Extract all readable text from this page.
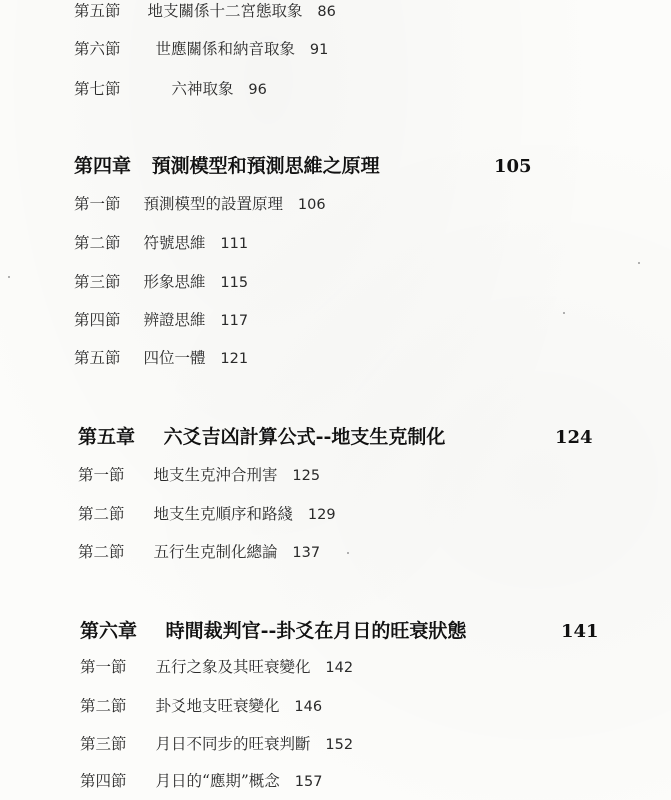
第五節 地支關係十二宮態取象 86
第六節 世應關係和納音取象 91
第七節	六神取象 96
第四章 預測模型和預測思維之原理	105
第一節 預測模型的設置原理 106
第二節 符號思維 111
第三節 形象思維 115
第四節 辨證思維 117
第五節 四位一體 121
第五章 六爻吉凶計算公式--地支生克制化	124
第一節 地支生克沖合刑害 125
第二節 地支生克順序和路綫 129
第二節 五行生克制化總論 137
第六章 時間裁判官--卦爻在月日的旺衰狀態	141
第一節 五行之象及其旺衰變化 142
第二節 卦爻地支旺衰變化 146
第三節 月日不同步的旺衰判斷 152
第四節 月日的“應期”概念 157
